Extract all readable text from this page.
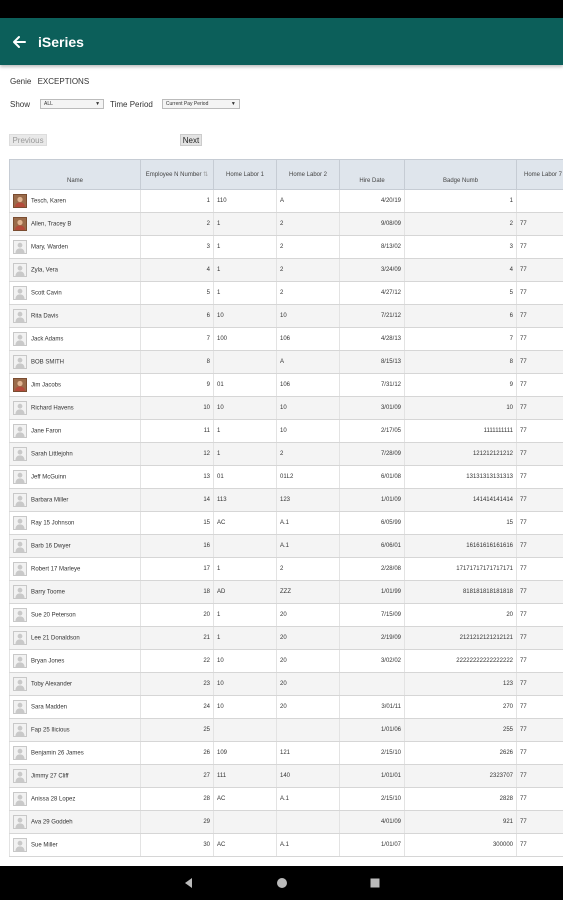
iSeries
Genie EXCEPTIONS
Show	ALL	▼ Time Period	Current Pay Period	▼
Previous	Next
Name	Employee N Number ⇅	Home Labor 1	Home Labor 2	Hire Date	Badge Numb	Home Labor 7

Tesch, Karen	1	110	A	4/20/19	1	

Allen, Tracey B	2	1	2	9/08/09	2	77

Mary, Warden	3	1	2	8/13/02	3	77

Zyla, Vera	4	1	2	3/24/09	4	77

Scott Cavin	5	1	2	4/27/12	5	77

Rita Davis	6	10	10	7/21/12	6	77

Jack Adams	7	100	106	4/28/13	7	77

BOB SMITH	8		A	8/15/13	8	77

Jim Jacobs	9	01	106	7/31/12	9	77

Richard Havens	10	10	10	3/01/09	10	77

Jane Faron	11	1	10	2/17/05	1111111111	77

Sarah Littlejohn	12	1	2	7/28/09	121212121212	77

Jeff McGuinn	13	01	01L2	6/01/08	13131313131313	77

Barbara Miller	14	113	123	1/01/09	141414141414	77

Ray 15 Johnson	15	AC	A.1	6/05/99	15	77

Barb 16 Dwyer	16		A.1	6/06/01	16161616161616	77

Robert 17 Marleye	17	1	2	2/28/08	17171717171717171	77

Barry Toome	18	AD	ZZZ	1/01/99	818181818181818	77

Sue 20 Peterson	20	1	20	7/15/09	20	77

Lee 21 Donaldson	21	1	20	2/19/09	2121212121212121	77

Bryan Jones	22	10	20	3/02/02	22222222222222222	77

Toby Alexander	23	10	20		123	77

Sara Madden	24	10	20	3/01/11	270	77

Fap 25 Ilicious	25			1/01/06	255	77

Benjamin 26 James	26	109	121	2/15/10	2626	77

Jimmy 27 Cliff	27	111	140	1/01/01	2323707	77

Anissa 28 Lopez	28	AC	A.1	2/15/10	2828	77

Ava 29 Goddeh	29			4/01/09	921	77

Sue Miller	30	AC	A.1	1/01/07	300000	77
